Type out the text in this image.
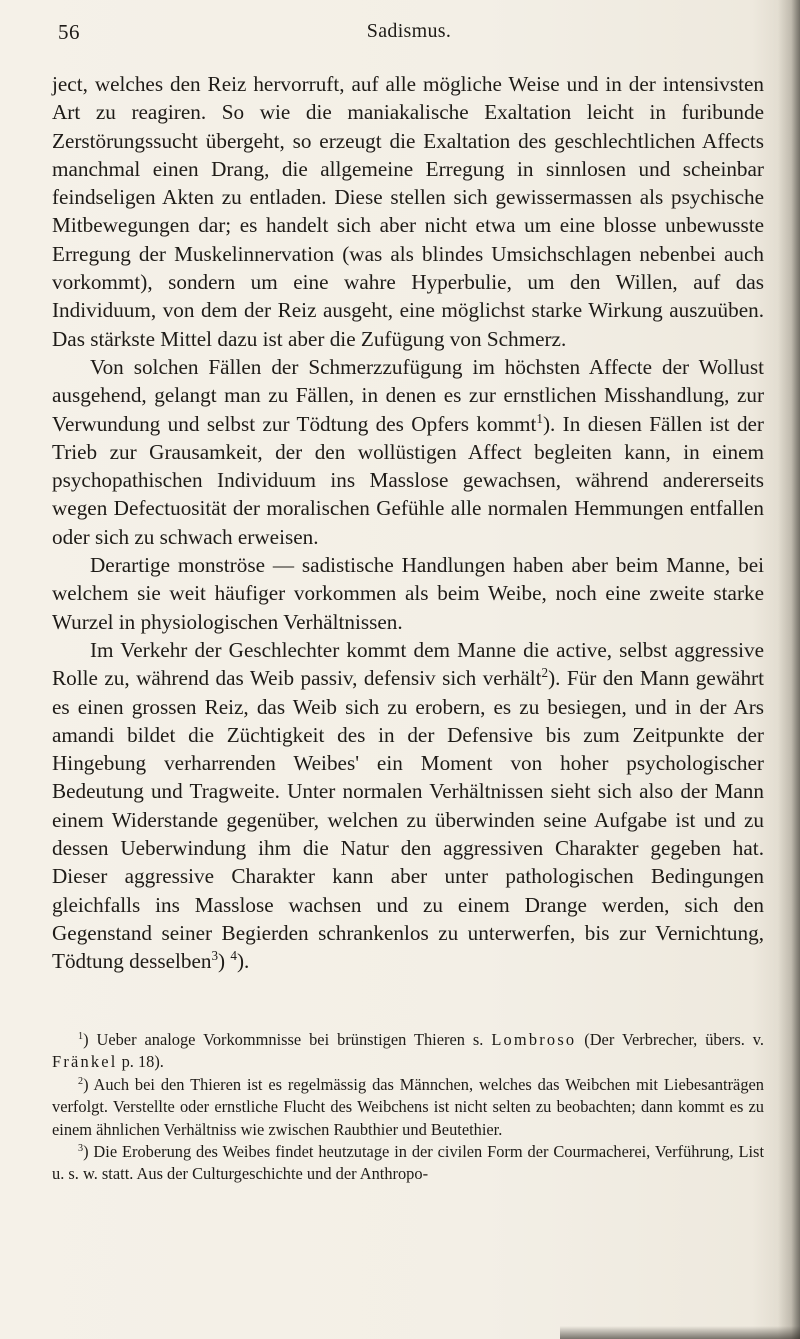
56	Sadismus.

ject, welches den Reiz hervorruft, auf alle mögliche Weise und in der intensivsten Art zu reagiren. So wie die maniakalische Exaltation leicht in furibunde Zerstörungssucht übergeht, so erzeugt die Exaltation des geschlechtlichen Affects manchmal einen Drang, die allgemeine Erregung in sinnlosen und scheinbar feindseligen Akten zu entladen. Diese stellen sich gewissermassen als psychische Mitbewegungen dar; es handelt sich aber nicht etwa um eine blosse unbewusste Erregung der Muskelinnervation (was als blindes Umsichschlagen nebenbei auch vorkommt), sondern um eine wahre Hyperbulie, um den Willen, auf das Individuum, von dem der Reiz ausgeht, eine möglichst starke Wirkung auszuüben. Das stärkste Mittel dazu ist aber die Zufügung von Schmerz.

Von solchen Fällen der Schmerzzufügung im höchsten Affecte der Wollust ausgehend, gelangt man zu Fällen, in denen es zur ernstlichen Misshandlung, zur Verwundung und selbst zur Tödtung des Opfers kommt$^1$). In diesen Fällen ist der Trieb zur Grausamkeit, der den wollüstigen Affect begleiten kann, in einem psychopathischen Individuum ins Masslose gewachsen, während andererseits wegen Defectuosität der moralischen Gefühle alle normalen Hemmungen entfallen oder sich zu schwach erweisen.

Derartige monströse — sadistische Handlungen haben aber beim Manne, bei welchem sie weit häufiger vorkommen als beim Weibe, noch eine zweite starke Wurzel in physiologischen Verhältnissen.

Im Verkehr der Geschlechter kommt dem Manne die active, selbst aggressive Rolle zu, während das Weib passiv, defensiv sich verhält$^2$). Für den Mann gewährt es einen grossen Reiz, das Weib sich zu erobern, es zu besiegen, und in der Ars amandi bildet die Züchtigkeit des in der Defensive bis zum Zeitpunkte der Hingebung verharrenden Weibes' ein Moment von hoher psychologischer Bedeutung und Tragweite. Unter normalen Verhältnissen sieht sich also der Mann einem Widerstande gegenüber, welchen zu überwinden seine Aufgabe ist und zu dessen Ueberwindung ihm die Natur den aggressiven Charakter gegeben hat. Dieser aggressive Charakter kann aber unter pathologischen Bedingungen gleichfalls ins Masslose wachsen und zu einem Drange werden, sich den Gegenstand seiner Begierden schrankenlos zu unterwerfen, bis zur Vernichtung, Tödtung desselben$^3$) $^4$).

$^1$) Ueber analoge Vorkommnisse bei brünstigen Thieren s. Lombroso (Der Verbrecher, übers. v. Fränkel p. 18).

$^2$) Auch bei den Thieren ist es regelmässig das Männchen, welches das Weibchen mit Liebesanträgen verfolgt. Verstellte oder ernstliche Flucht des Weibchens ist nicht selten zu beobachten; dann kommt es zu einem ähnlichen Verhältniss wie zwischen Raubthier und Beutethier.

$^3$) Die Eroberung des Weibes findet heutzutage in der civilen Form der Courmacherei, Verführung, List u. s. w. statt. Aus der Culturgeschichte und der Anthropo-
